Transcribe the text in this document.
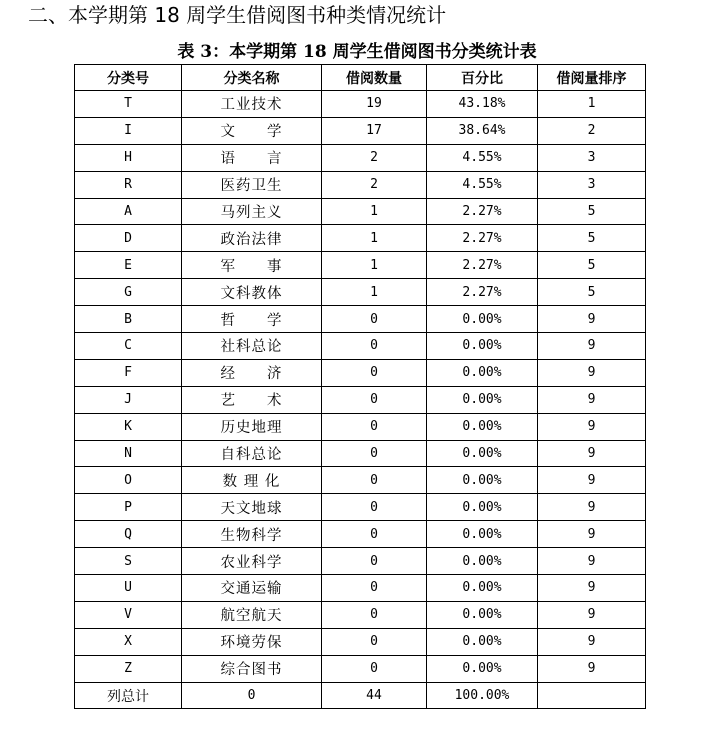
二、本学期第 18 周学生借阅图书种类情况统计
表 3：本学期第 18 周学生借阅图书分类统计表
分类号	分类名称	借阅数量	百分比	借阅量排序
T	工业技术	19	43.18%	1
I	文　　学	17	38.64%	2
H	语　　言	2	4.55%	3
R	医药卫生	2	4.55%	3
A	马列主义	1	2.27%	5
D	政治法律	1	2.27%	5
E	军　　事	1	2.27%	5
G	文科教体	1	2.27%	5
B	哲　　学	0	0.00%	9
C	社科总论	0	0.00%	9
F	经　　济	0	0.00%	9
J	艺　　术	0	0.00%	9
K	历史地理	0	0.00%	9
N	自科总论	0	0.00%	9
O	数 理 化	0	0.00%	9
P	天文地球	0	0.00%	9
Q	生物科学	0	0.00%	9
S	农业科学	0	0.00%	9
U	交通运输	0	0.00%	9
V	航空航天	0	0.00%	9
X	环境劳保	0	0.00%	9
Z	综合图书	0	0.00%	9
列总计	0	44	100.00%	
